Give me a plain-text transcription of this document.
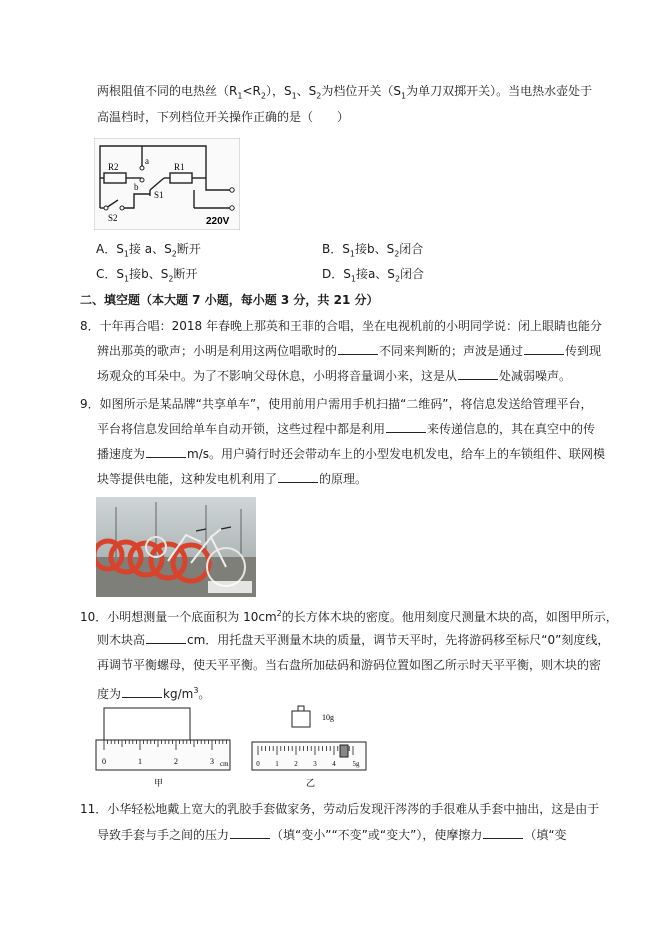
两根阻值不同的电热丝$(R_1<R_2)$，$S_1$、$S_2$为档位开关（$S_1$为单刀双掷开关）。当电热水壶处于
高温档时，下列档位开关操作正确的是（　　）
R2	R1
a
b
S1
S2	220V
A．$S_1$接 a、$S_2$断开	B．$S_1$接b、$S_2$闭合
C．$S_1$接b、$S_2$断开	D．$S_1$接a、$S_2$闭合
二、填空题（本大题 7 小题，每小题 3 分，共 21 分）
8．十年再合唱：2018 年春晚上那英和王菲的合唱，坐在电视机前的小明同学说：闭上眼睛也能分
辨出那英的歌声；小明是利用这两位唱歌时的	不同来判断的；声波是通过	传到现
场观众的耳朵中。为了不影响父母休息，小明将音量调小来，这是从	处减弱噪声。
9．如图所示是某品牌“共享单车”，使用前用户需用手机扫描“二维码”，将信息发送给管理平台，
平台将信息发回给单车自动开锁，这些过程中都是利用	来传递信息的，其在真空中的传
播速度为	m/s。用户骑行时还会带动车上的小型发电机发电，给车上的车锁组件、联网模
块等提供电能，这种发电机利用了	的原理。
10．小明想测量一个底面积为 $10cm^2$的长方体木块的密度。他用刻度尺测量木块的高，如图甲所示，
则木块高	cm．用托盘天平测量木块的质量，调节天平时，先将游码移至标尺“0”刻度线，
再调节平衡螺母，使天平平衡。当右盘所加砝码和游码位置如图乙所示时天平平衡，则木块的密
度为	$kg/m^3$。
0	1	2	3 cm
甲
10g
0 1 2 3 4 5g
乙
11．小华轻松地戴上宽大的乳胶手套做家务，劳动后发现汗涔涔的手很难从手套中抽出，这是由于
导致手套与手之间的压力	（填“变小”“不变”或“变大”），使摩擦力	（填“变
